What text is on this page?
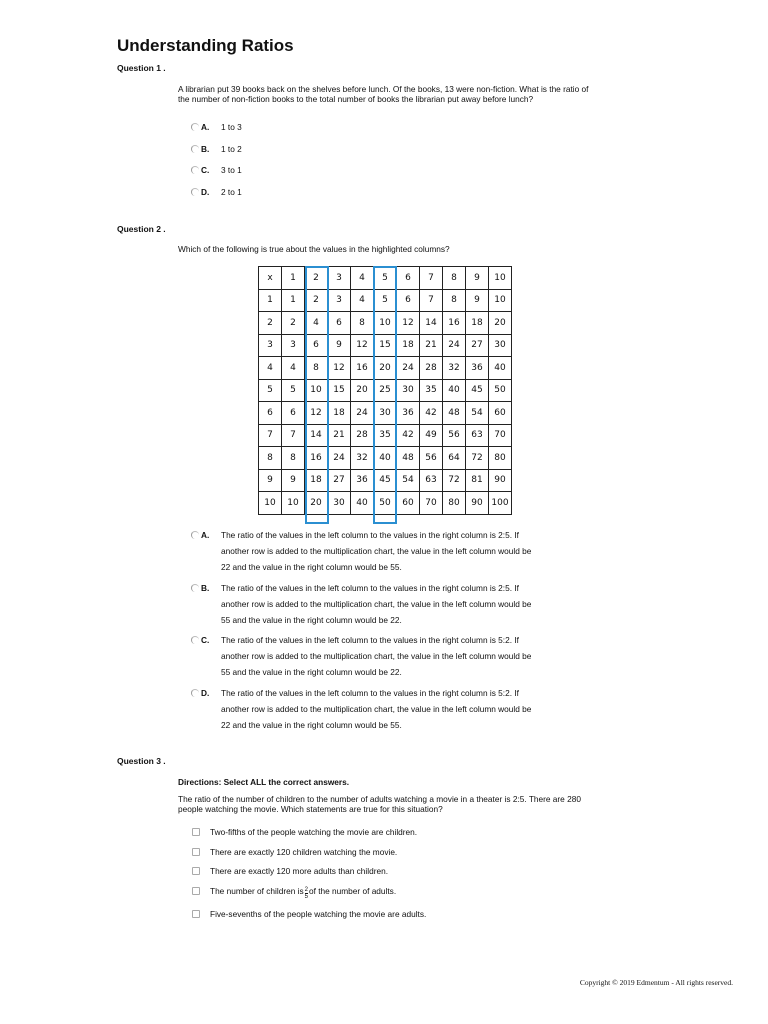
Understanding Ratios
Question 1 .
A librarian put 39 books back on the shelves before lunch. Of the books, 13 were non-fiction. What is the ratio of the number of non-fiction books to the total number of books the librarian put away before lunch?
A. 1 to 3
B. 1 to 2
C. 3 to 1
D. 2 to 1
Question 2 .
Which of the following is true about the values in the highlighted columns?
x	1	2	3	4	5	6	7	8	9	10
1	1	2	3	4	5	6	7	8	9	10
2	2	4	6	8	10	12	14	16	18	20
3	3	6	9	12	15	18	21	24	27	30
4	4	8	12	16	20	24	28	32	36	40
5	5	10	15	20	25	30	35	40	45	50
6	6	12	18	24	30	36	42	48	54	60
7	7	14	21	28	35	42	49	56	63	70
8	8	16	24	32	40	48	56	64	72	80
9	9	18	27	36	45	54	63	72	81	90
10	10	20	30	40	50	60	70	80	90	100
A. The ratio of the values in the left column to the values in the right column is 2:5. If
another row is added to the multiplication chart, the value in the left column would be
22 and the value in the right column would be 55.
B. The ratio of the values in the left column to the values in the right column is 2:5. If
another row is added to the multiplication chart, the value in the left column would be
55 and the value in the right column would be 22.
C. The ratio of the values in the left column to the values in the right column is 5:2. If
another row is added to the multiplication chart, the value in the left column would be
55 and the value in the right column would be 22.
D. The ratio of the values in the left column to the values in the right column is 5:2. If
another row is added to the multiplication chart, the value in the left column would be
22 and the value in the right column would be 55.
Question 3 .
Directions: Select ALL the correct answers.
The ratio of the number of children to the number of adults watching a movie in a theater is 2:5. There are 280 people watching the movie. Which statements are true for this situation?
Two-fifths of the people watching the movie are children.
There are exactly 120 children watching the movie.
There are exactly 120 more adults than children.
The number of children is $\frac{2}{5}$ of the number of adults.
Five-sevenths of the people watching the movie are adults.
Copyright © 2019 Edmentum - All rights reserved.
